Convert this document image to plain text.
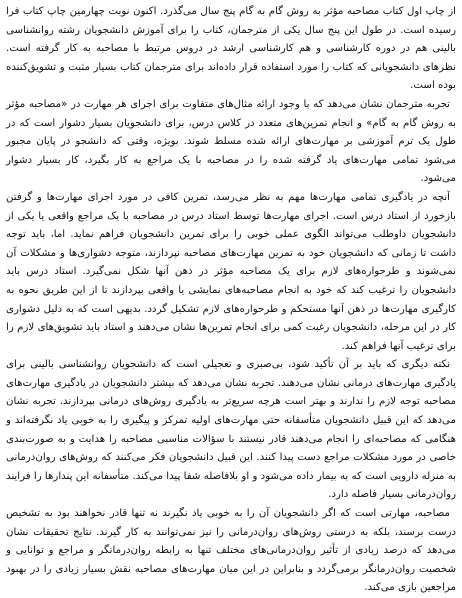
از چاپ اول کتاب مصاحبه مؤثر به روش گام به گام پنج سال می‌گذرد. اکنون نوبت چهارمین چاپ کتاب فرا رسیده است. در طول این پنج سال یکی از مترجمان، کتاب را برای آموزش دانشجویان رشته روانشناسی بالینی هم در دوره کارشناسی و هم کارشناسی ارشد در دروس مرتبط با مصاحبه به کار گرفته است. نظرهای دانشجویانی که کتاب را مورد استفاده قرار داده‌اند برای مترجمان کتاب بسیار مثبت و تشویق‌کننده بوده است.

تجربه مترجمان نشان می‌دهد که با وجود ارائه مثال‌های متفاوت برای اجرای هر مهارت در «مصاحبه مؤثر به روش گام به گام» و انجام تمرین‌های متعدد در کلاس درس، برای دانشجویان بسیار دشوار است که در طول یک ترم آموزشی بر مهارت‌های ارائه شده مسلط شوند. بویژه، وقتی که دانشجو در پایان مجبور می‌شود تمامی مهارت‌های یاد گرفته شده را در مصاحبه با یک مراجع به کار بگیرد، کار بسیار دشوار می‌شود.

آنچه در یادگیری تمامی مهارت‌ها مهم به نظر می‌رسد، تمرین کافی در مورد اجرای مهارت‌ها و گرفتن بازخورد از استاد درس است. اجرای مهارت‌ها توسط استاد درس در مصاحبه با یک مراجع واقعی یا یکی از دانشجویان داوطلب می‌تواند الگوی عملی خوبی را برای تمرین دانشجویان فراهم نماید. اما، باید توجه داشت تا زمانی که دانشجویان خود به تمرین مهارت‌های مصاحبه نپردازند، متوجه دشواری‌ها و مشکلات آن نمی‌شوند و طرحواره‌های لازم برای یک مصاحبه مؤثر در ذهن آنها شکل نمی‌گیرد. استاد درس باید دانشجویان را ترغیب کند که خود به انجام مصاحبه‌های نمایشی یا واقعی بپردازند تا از این طریق نحوه به کارگیری مهارت‌ها در ذهن آنها مستحکم و طرحواره‌های لازم تشکیل گردد. بدیهی است که به دلیل دشواری کار در این مرحله، دانشجویان رغبت کمی برای انجام تمرین‌ها نشان می‌دهند و استاد باید تشویق‌های لازم را برای ترغیب آنها فراهم کند.

نکته دیگری که باید بر آن تأکید شود، بی‌صبری و تعجیلی است که دانشجویان روانشناسی بالینی برای یادگیری مهارت‌های درمانی نشان می‌دهند. تجربه نشان می‌دهد که بیشتر دانشجویان در یادگیری مهارت‌های مصاحبه توجه لازم را ندارند و بهتر است هرچه سریع‌تر به یادگیری روش‌های درمانی بپردازند. تجربه نشان می‌دهد که این قبیل دانشجویان متأسفانه حتی مهارت‌های اولیه تمرکز و پیگیری را به خوبی یاد نگرفته‌اند و هنگامی که مصاحبه‌ای را انجام می‌دهند قادر نیستند با سؤالات مناسبی مصاحبه را هدایت و به صورت‌بندی خاصی در مورد مشکلات مراجع دست پیدا کنند. این قبیل دانشجویان فکر می‌کنند که روش‌های روان‌درمانی به منزله دارویی است که به بیمار داده می‌شود و او بلافاصله شفا پیدا می‌کند. متأسفانه این پندارها را فرایند روان‌درمانی بسیار فاصله دارد.

مصاحبه، مهارتی است که اگر دانشجویان آن را به خوبی یاد نگیرند نه تنها قادر نخواهند بود به تشخیص درست برسند، بلکه به درستی روش‌های روان‌درمانی را نیز نمی‌توانند به کار گیرند. نتایج تحقیقات نشان می‌دهد که درصد زیادی از تأثیر روان‌درمانی‌های مختلف تنها به رابطه روان‌درمانگر و مراجع و توانایی و شخصیت روان‌درمانگر برمی‌گردد و بنابراین در این میان مهارت‌های مصاحبه نقش بسیار زیادی را در بهبود مراجعین بازی می‌کند.
